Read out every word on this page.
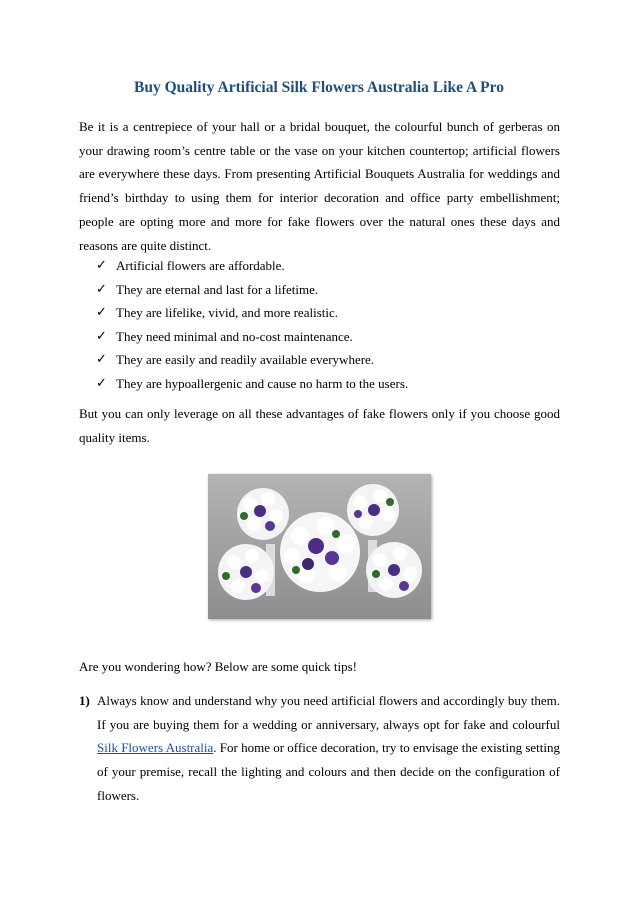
Buy Quality Artificial Silk Flowers Australia Like A Pro

Be it is a centrepiece of your hall or a bridal bouquet, the colourful bunch of gerberas on your drawing room’s centre table or the vase on your kitchen countertop; artificial flowers are everywhere these days. From presenting Artificial Bouquets Australia for weddings and friend’s birthday to using them for interior decoration and office party embellishment; people are opting more and more for fake flowers over the natural ones these days and reasons are quite distinct.

✓ Artificial flowers are affordable.
✓ They are eternal and last for a lifetime.
✓ They are lifelike, vivid, and more realistic.
✓ They need minimal and no-cost maintenance.
✓ They are easily and readily available everywhere.
✓ They are hypoallergenic and cause no harm to the users.

But you can only leverage on all these advantages of fake flowers only if you choose good quality items.

Are you wondering how? Below are some quick tips!

1) Always know and understand why you need artificial flowers and accordingly buy them. If you are buying them for a wedding or anniversary, always opt for fake and colourful Silk Flowers Australia. For home or office decoration, try to envisage the existing setting of your premise, recall the lighting and colours and then decide on the configuration of flowers.
